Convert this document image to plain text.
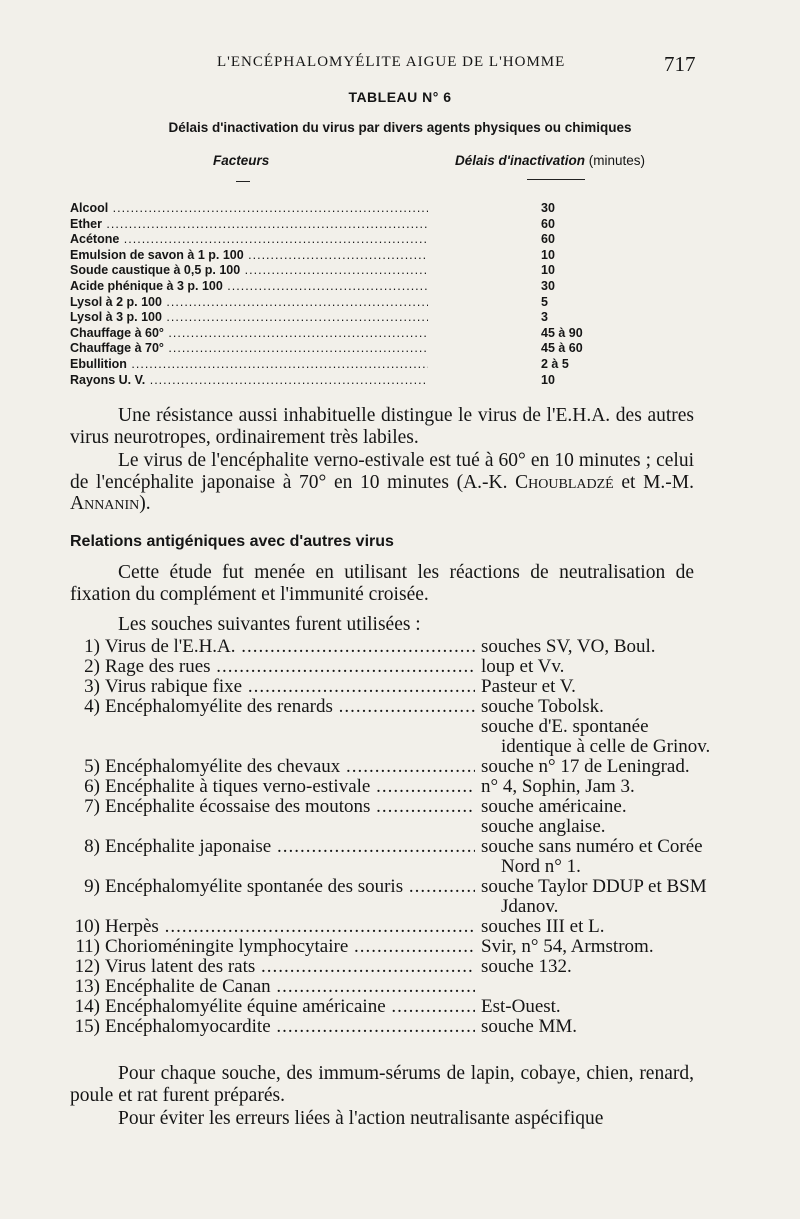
L'ENCÉPHALOMYÉLITE AIGUE DE L'HOMME	717
TABLEAU N° 6
Délais d'inactivation du virus par divers agents physiques ou chimiques
Facteurs	Délais d'inactivation (minutes)
Alcool .....	30
Ether .....	60
Acétone .....	60
Emulsion de savon à 1 p. 100 .....	10
Soude caustique à 0,5 p. 100 .....	10
Acide phénique à 3 p. 100 .....	30
Lysol à 2 p. 100 .....	5
Lysol à 3 p. 100 .....	3
Chauffage à 60° .....	45 à 90
Chauffage à 70° .....	45 à 60
Ebullition .....	2 à 5
Rayons U. V. .....	10

Une résistance aussi inhabituelle distingue le virus de l'E.H.A. des autres virus neurotropes, ordinairement très labiles.

Le virus de l'encéphalite verno-estivale est tué à 60° en 10 minutes ; celui de l'encéphalite japonaise à 70° en 10 minutes (A.-K. Choubladzé et M.-M. Annanin).

Relations antigéniques avec d'autres virus

Cette étude fut menée en utilisant les réactions de neutralisation de fixation du complément et l'immunité croisée.

Les souches suivantes furent utilisées :

1) Virus de l'E.H.A. .....	souches SV, VO, Boul.
2) Rage des rues .....	loup et Vv.
3) Virus rabique fixe .....	Pasteur et V.
4) Encéphalomyélite des renards .....	souche Tobolsk.
souche d'E. spontanée identique à celle de Grinov.
5) Encéphalomyélite des chevaux .....	souche n° 17 de Leningrad.
6) Encéphalite à tiques verno-estivale .....	n° 4, Sophin, Jam 3.
7) Encéphalite écossaise des moutons .....	souche américaine.
souche anglaise.
8) Encéphalite japonaise .....	souche sans numéro et Corée Nord n° 1.
9) Encéphalomyélite spontanée des souris .....	souche Taylor DDUP et BSM Jdanov.
10) Herpès .....	souches III et L.
11) Chorioméningite lymphocytaire .....	Svir, n° 54, Armstrom.
12) Virus latent des rats .....	souche 132.
13) Encéphalite de Canan .....

14) Encéphalomyélite équine américaine .....	Est-Ouest.
15) Encéphalomyocardite .....	souche MM.

Pour chaque souche, des immum-sérums de lapin, cobaye, chien, renard, poule et rat furent préparés.

Pour éviter les erreurs liées à l'action neutralisante aspécifique
